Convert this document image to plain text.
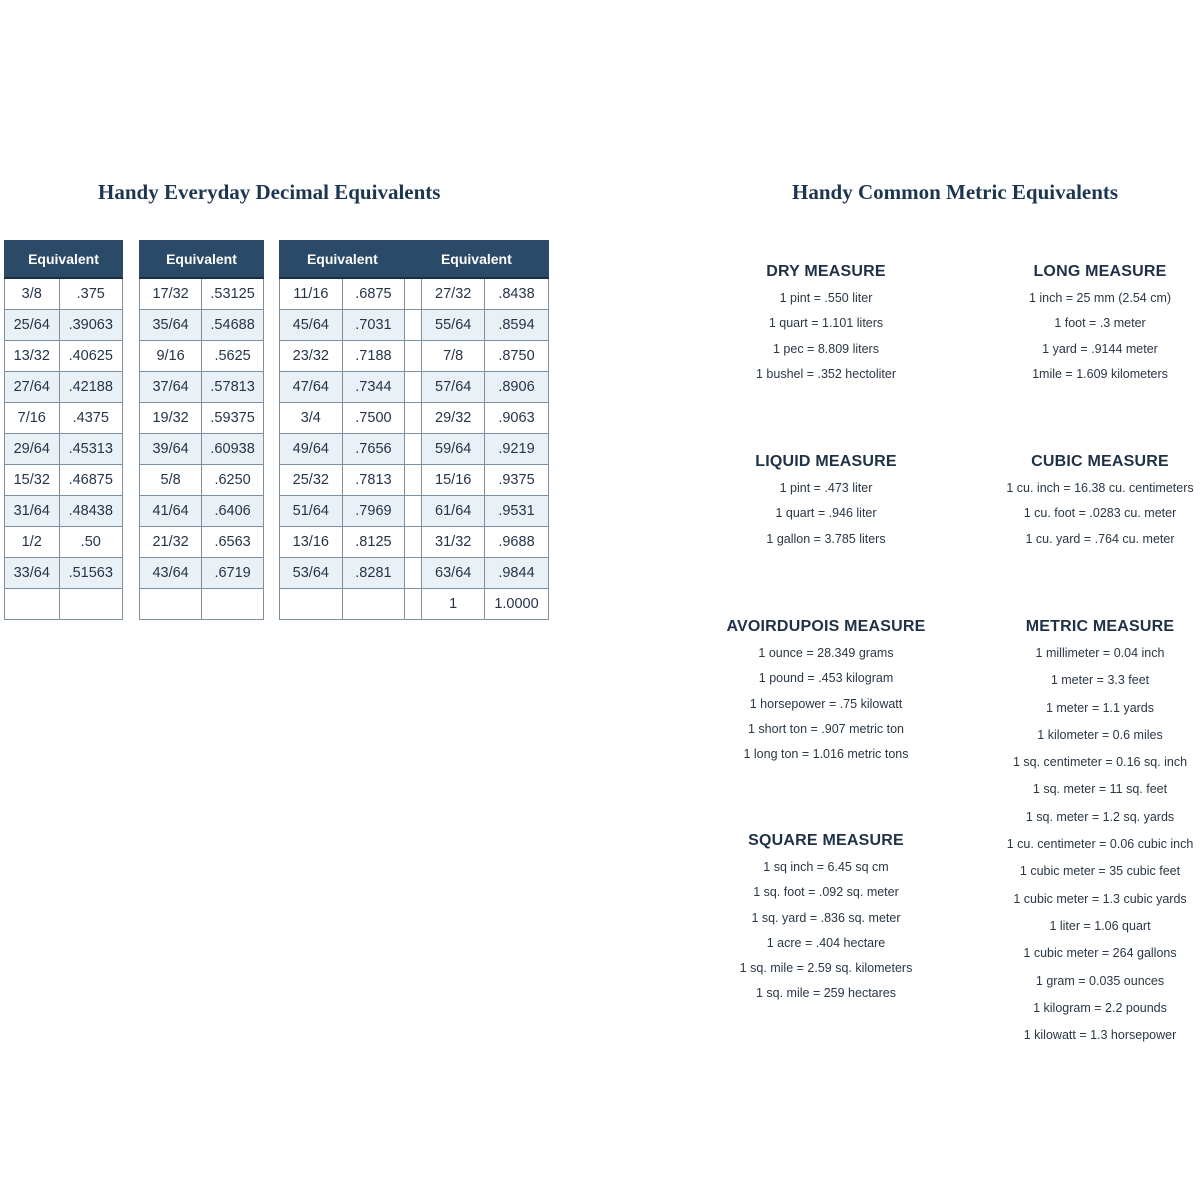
Handy Everyday Decimal Equivalents	Handy Common Metric Equivalents
Equivalent	
3/8	.375
25/64	.39063
13/32	.40625
27/64	.42188
7/16	.4375
29/64	.45313
15/32	.46875
31/64	.48438
1/2	.50
33/64	.51563

Equivalent	
17/32	.53125
35/64	.54688
9/16	.5625
37/64	.57813
19/32	.59375
39/64	.60938
5/8	.6250
41/64	.6406
21/32	.6563
43/64	.6719

Equivalent		Equivalent		
11/16	.6875		27/32	.8438
45/64	.7031		55/64	.8594
23/32	.7188		7/8	.8750
47/64	.7344		57/64	.8906
3/4	.7500		29/32	.9063
49/64	.7656		59/64	.9219
25/32	.7813		15/16	.9375
51/64	.7969		61/64	.9531
13/16	.8125		31/32	.9688
53/64	.8281		63/64	.9844
			1	1.0000
DRY MEASURE
1 pint = .550 liter
1 quart = 1.101 liters
1 pec = 8.809 liters
1 bushel = .352 hectoliter
LONG MEASURE
1 inch = 25 mm (2.54 cm)
1 foot = .3 meter
1 yard = .9144 meter
1mile = 1.609 kilometers
LIQUID MEASURE
1 pint = .473 liter
1 quart = .946 liter
1 gallon = 3.785 liters
CUBIC MEASURE
1 cu. inch = 16.38 cu. centimeters
1 cu. foot = .0283 cu. meter
1 cu. yard = .764 cu. meter
AVOIRDUPOIS MEASURE
1 ounce = 28.349 grams
1 pound = .453 kilogram
1 horsepower = .75 kilowatt
1 short ton = .907 metric ton
1 long ton = 1.016 metric tons
SQUARE MEASURE
1 sq inch = 6.45 sq cm
1 sq. foot = .092 sq. meter
1 sq. yard = .836 sq. meter
1 acre = .404 hectare
1 sq. mile = 2.59 sq. kilometers
1 sq. mile = 259 hectares
METRIC MEASURE
1 millimeter = 0.04 inch
1 meter = 3.3 feet
1 meter = 1.1 yards
1 kilometer = 0.6 miles
1 sq. centimeter = 0.16 sq. inch
1 sq. meter = 11 sq. feet
1 sq. meter = 1.2 sq. yards
1 cu. centimeter = 0.06 cubic inch
1 cubic meter = 35 cubic feet
1 cubic meter = 1.3 cubic yards
1 liter = 1.06 quart
1 cubic meter = 264 gallons
1 gram = 0.035 ounces
1 kilogram = 2.2 pounds
1 kilowatt = 1.3 horsepower
